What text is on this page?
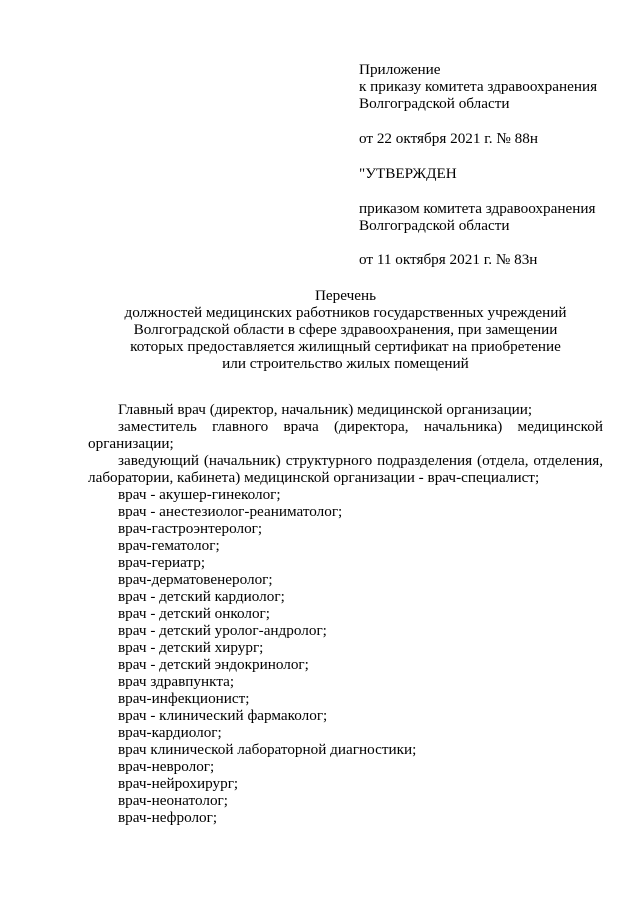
Приложение

к приказу комитета здравоохранения

Волгоградской области

от 22 октября 2021 г. № 88н

"УТВЕРЖДЕН

приказом комитета здравоохранения

Волгоградской области

от 11 октября 2021 г. № 83н

Перечень

должностей медицинских работников государственных учреждений

Волгоградской области в сфере здравоохранения, при замещении

которых предоставляется жилищный сертификат на приобретение

или строительство жилых помещений

Главный врач (директор, начальник) медицинской организации;

заместитель главного врача (директора, начальника) медицинской

организации;

заведующий (начальник) структурного подразделения (отдела, отделения,

лаборатории, кабинета) медицинской организации - врач-специалист;

врач - акушер-гинеколог;
врач - анестезиолог-реаниматолог;
врач-гастроэнтеролог;
врач-гематолог;
врач-гериатр;
врач-дерматовенеролог;
врач - детский кардиолог;
врач - детский онколог;
врач - детский уролог-андролог;
врач - детский хирург;
врач - детский эндокринолог;
врач здравпункта;
врач-инфекционист;
врач - клинический фармаколог;
врач-кардиолог;
врач клинической лабораторной диагностики;
врач-невролог;
врач-нейрохирург;
врач-неонатолог;
врач-нефролог;
